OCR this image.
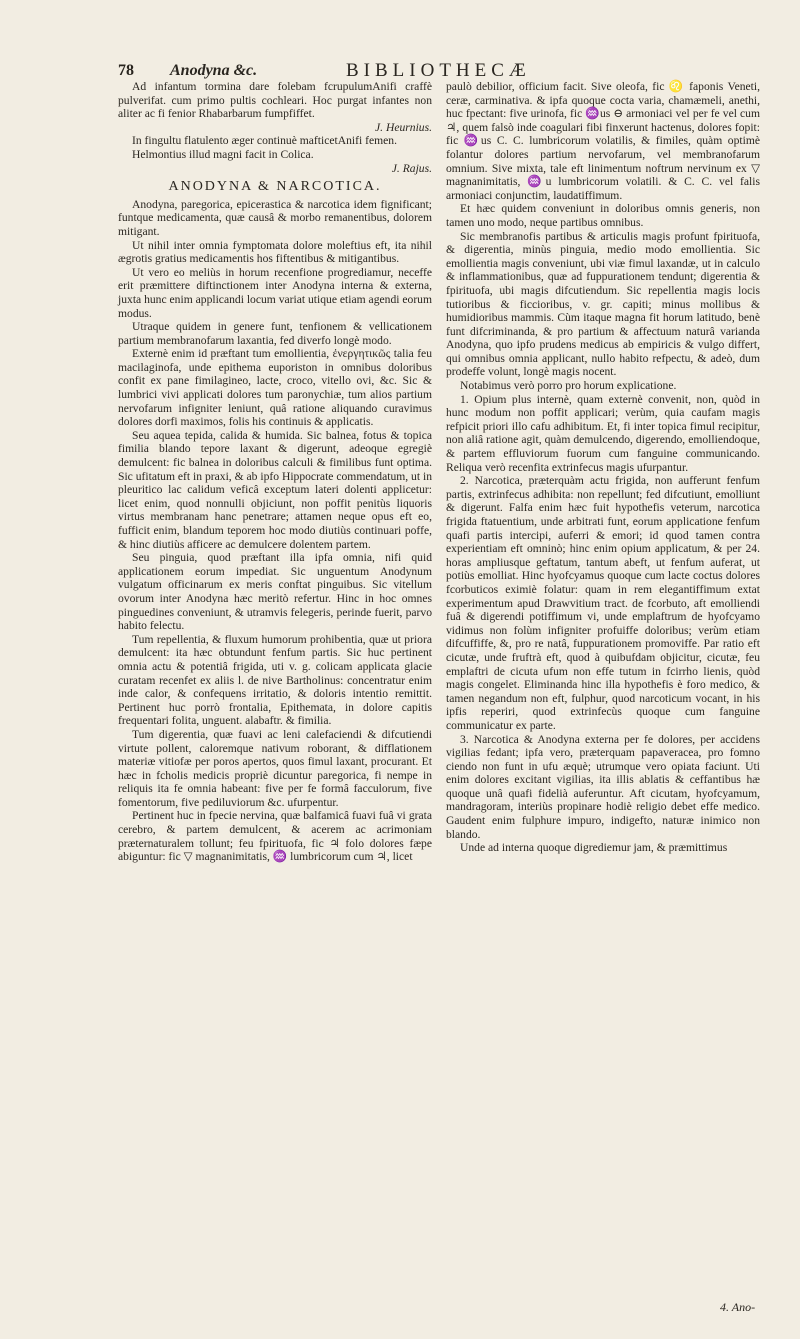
78 Anodyna &c.	BIBLIOTHECÆ

Ad infantum tormina dare folebam fcrupulumAnifi craffè pulverifat. cum primo pultis cochleari. Hoc purgat infantes non aliter ac fi fenior Rhabarbarum fumpfiffet.

J. Heurnius.

In fingultu flatulento æger continuè mafticetAnifi femen.

Helmontius illud magni facit in Colica.

J. Rajus.

ANODYNA & NARCOTICA.

Anodyna, paregorica, epicerastica & narcotica idem fignificant; funtque medicamenta, quæ causâ & morbo remanentibus, dolorem mitigant.

Ut nihil inter omnia fymptomata dolore moleftius eft, ita nihil ægrotis gratius medicamentis hos fiftentibus & mitigantibus.

Ut vero eo meliùs in horum recenfione progrediamur, neceffe erit præmittere diftinctionem inter Anodyna interna & externa, juxta hunc enim applicandi locum variat utique etiam agendi eorum modus.

Utraque quidem in genere funt, tenfionem & vellicationem partium membranofarum laxantia, fed diverfo longè modo.

Externè enim id præftant tum emollientia, ἐνεργητικῶς talia feu macilaginofa, unde epithema euporiston in omnibus doloribus confit ex pane fimilagineo, lacte, croco, vitello ovi, &c. Sic & lumbrici vivi applicati dolores tum paronychiæ, tum alios partium nervofarum infigniter leniunt, quâ ratione aliquando curavimus dolores dorfi maximos, folis his continuis & applicatis.

Seu aquea tepida, calida & humida. Sic balnea, fotus & topica fimilia blando tepore laxant & digerunt, adeoque egregiè demulcent: fic balnea in doloribus calculi & fimilibus funt optima. Sic ufitatum eft in praxi, & ab ipfo Hippocrate commendatum, ut in pleuritico lac calidum veficâ exceptum lateri dolenti applicetur: licet enim, quod nonnulli objiciunt, non poffit penitùs liquoris virtus membranam hanc penetrare; attamen neque opus eft eo, fufficit enim, blandum teporem hoc modo diutiùs continuari poffe, & hinc diutiùs afficere ac demulcere dolentem partem.

Seu pinguia, quod præftant illa ipfa omnia, nifi quid applicationem eorum impediat. Sic unguentum Anodynum vulgatum officinarum ex meris conftat pinguibus. Sic vitellum ovorum inter Anodyna hæc meritò refertur. Hinc in hoc omnes pinguedines conveniunt, & utramvis felegeris, perinde fuerit, parvo habito felectu.

Tum repellentia, & fluxum humorum prohibentia, quæ ut priora demulcent: ita hæc obtundunt fenfum partis. Sic huc pertinent omnia actu & potentiâ frigida, uti v. g. colicam applicata glacie curatam recenfet ex aliis l. de nive Bartholinus: concentratur enim inde calor, & confequens irritatio, & doloris intentio remittit. Pertinent huc porrò frontalia, Epithemata, in dolore capitis frequentari folita, unguent. alabaftr. & fimilia.

Tum digerentia, quæ fuavi ac leni calefaciendi & difcutiendi virtute pollent, caloremque nativum roborant, & difflationem materiæ vitiofæ per poros apertos, quos fimul laxant, procurant. Et hæc in fcholis medicis propriè dicuntur paregorica, fi nempe in reliquis ita fe omnia habeant: five per fe formâ facculorum, five fomentorum, five pediluviorum &c. ufurpentur.

Pertinent huc in fpecie nervina, quæ balfamicâ fuavi fuâ vi grata cerebro, & partem demulcent, & acerem ac acrimoniam præternaturalem tollunt; feu fpirituofa, fic ♃ folo dolores fæpe abiguntur: fic ▽ magnanimitatis, ♒ lumbricorum cum ♃, licet

paulò debilior, officium facit. Sive oleofa, fic ♌ faponis Veneti, ceræ, carminativa. & ipfa quoque cocta varia, chamæmeli, anethi, huc fpectant: five urinofa, fic ♒us ⊖ armoniaci vel per fe vel cum ♃, quem falsò inde coagulari fibi finxerunt hactenus, dolores fopit: fic ♒us C. C. lumbricorum volatilis, & fimiles, quàm optimè folantur dolores partium nervofarum, vel membranofarum omnium. Sive mixta, tale eft linimentum noftrum nervinum ex ▽ magnanimitatis, ♒u lumbricorum volatili. & C. C. vel falis armoniaci conjunctim, laudatiffimum.

Et hæc quidem conveniunt in doloribus omnis generis, non tamen uno modo, neque partibus omnibus.

Sic membranofis partibus & articulis magis profunt fpirituofa, & digerentia, minùs pinguia, medio modo emollientia. Sic emollientia magis conveniunt, ubi viæ fimul laxandæ, ut in calculo & inflammationibus, quæ ad fuppurationem tendunt; digerentia & fpirituofa, ubi magis difcutiendum. Sic repellentia magis locis tutioribus & ficcioribus, v. gr. capiti; minus mollibus & humidioribus mammis. Cùm itaque magna fit horum latitudo, benè funt difcriminanda, & pro partium & affectuum naturâ varianda Anodyna, quo ipfo prudens medicus ab empiricis & vulgo differt, qui omnibus omnia applicant, nullo habito refpectu, & adeò, dum prodeffe volunt, longè magis nocent.

Notabimus verò porro pro horum explicatione.

1. Opium plus internè, quam externè convenit, non, quòd in hunc modum non poffit applicari; verùm, quia caufam magis refpicit priori illo cafu adhibitum. Et, fi inter topica fimul recipitur, non aliâ ratione agit, quàm demulcendo, digerendo, emolliendoque, & partem effluviorum fuorum cum fanguine communicando. Reliqua verò recenfita extrinfecus magis ufurpantur.

2. Narcotica, præterquàm actu frigida, non aufferunt fenfum partis, extrinfecus adhibita: non repellunt; fed difcutiunt, emolliunt & digerunt. Falfa enim hæc fuit hypothefis veterum, narcotica frigida ftatuentium, unde arbitrati funt, eorum applicatione fenfum quafi partis intercipi, auferri & emori; id quod tamen contra experientiam eft omninò; hinc enim opium applicatum, & per 24. horas ampliusque geftatum, tantum abeft, ut fenfum auferat, ut potiùs emolliat. Hinc hyofcyamus quoque cum lacte coctus dolores fcorbuticos eximiè folatur: quam in rem elegantiffimum extat experimentum apud Drawvitium tract. de fcorbuto, aft emolliendi fuâ & digerendi potiffimum vi, unde emplaftrum de hyofcyamo vidimus non folùm infigniter profuiffe doloribus; verùm etiam difcuffiffe, &, pro re natâ, fuppurationem promoviffe. Par ratio eft cicutæ, unde fruftrà eft, quod à quibufdam objicitur, cicutæ, feu emplaftri de cicuta ufum non effe tutum in fcirrho lienis, quòd magis congelet. Eliminanda hinc illa hypothefis è foro medico, & tamen negandum non eft, fulphur, quod narcoticum vocant, in his ipfis reperiri, quod extrinfecùs quoque cum fanguine communicatur ex parte.

3. Narcotica & Anodyna externa per fe dolores, per accidens vigilias fedant; ipfa vero, præterquam papaveracea, pro fomno ciendo non funt in ufu æquè; utrumque vero opiata faciunt. Uti enim dolores excitant vigilias, ita illis ablatis & ceffantibus hæ quoque unâ quafi fidelià auferuntur. Aft cicutam, hyofcyamum, mandragoram, interiùs propinare hodiè religio debet effe medico. Gaudent enim fulphure impuro, indigefto, naturæ inimico non blando.

Unde ad interna quoque digrediemur jam, & præmittimus

4. Ano-
